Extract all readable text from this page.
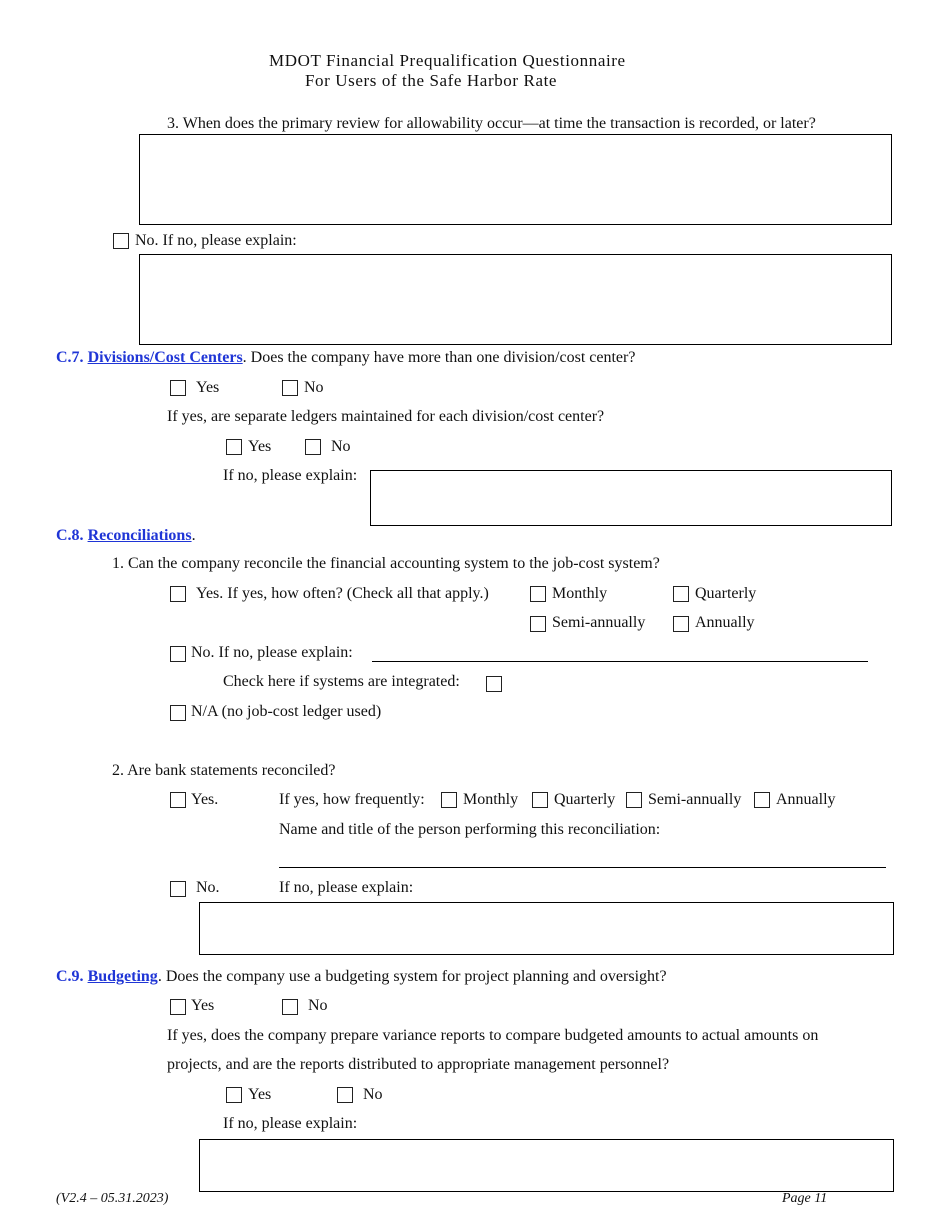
MDOT Financial Prequalification Questionnaire
For Users of the Safe Harbor Rate
3. When does the primary review for allowability occur—at time the transaction is recorded, or later?
No. If no, please explain:
C.7. Divisions/Cost Centers. Does the company have more than one division/cost center?
Yes	No
If yes, are separate ledgers maintained for each division/cost center?
Yes	No
If no, please explain:
C.8. Reconciliations.
1. Can the company reconcile the financial accounting system to the job-cost system?
Yes. If yes, how often? (Check all that apply.)	Monthly	Quarterly
Semi-annually	Annually
No. If no, please explain:
Check here if systems are integrated:
N/A (no job-cost ledger used)
2. Are bank statements reconciled?
Yes.	If yes, how frequently: Monthly Quarterly Semi-annually Annually
Name and title of the person performing this reconciliation:
No.	If no, please explain:
C.9. Budgeting. Does the company use a budgeting system for project planning and oversight?
Yes	No
If yes, does the company prepare variance reports to compare budgeted amounts to actual amounts on
projects, and are the reports distributed to appropriate management personnel?
Yes	No
If no, please explain:
(V2.4 – 05.31.2023)	Page 11
